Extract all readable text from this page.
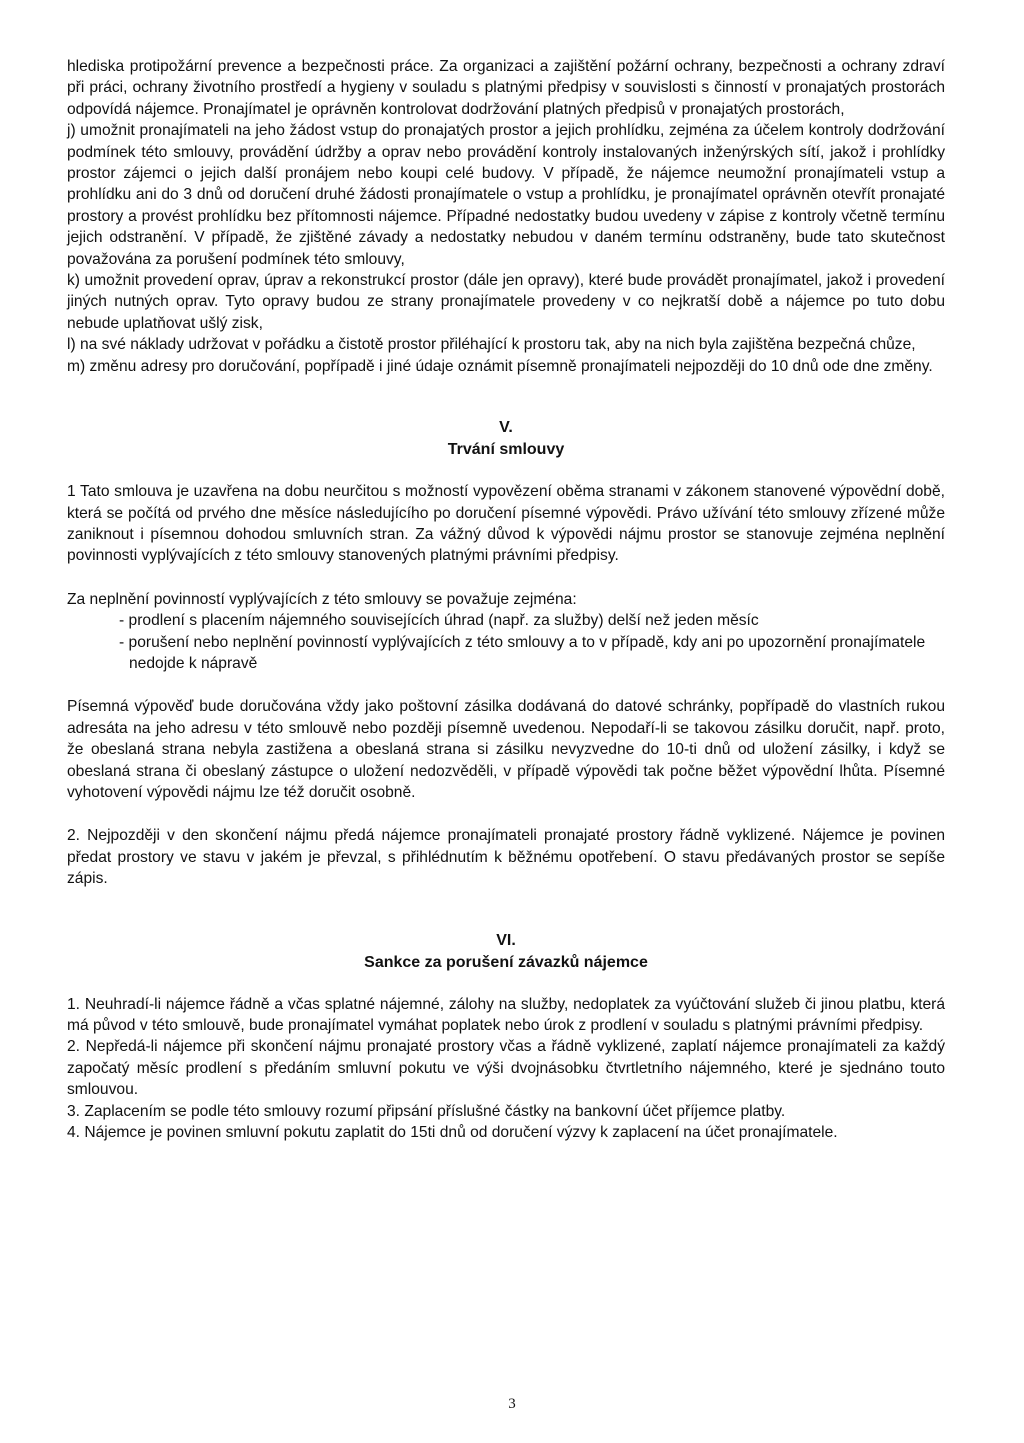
hlediska protipožární prevence a bezpečnosti práce. Za organizaci a zajištění požární ochrany, bezpečnosti a ochrany zdraví při práci, ochrany životního prostředí a hygieny v souladu s platnými předpisy v souvislosti s činností v pronajatých prostorách odpovídá nájemce. Pronajímatel je oprávněn kontrolovat dodržování platných předpisů v pronajatých prostorách,

j) umožnit pronajímateli na jeho žádost vstup do pronajatých prostor a jejich prohlídku, zejména za účelem kontroly dodržování podmínek této smlouvy, provádění údržby a oprav nebo provádění kontroly instalovaných inženýrských sítí, jakož i prohlídky prostor zájemci o jejich další pronájem nebo koupi celé budovy. V případě, že nájemce neumožní pronajímateli vstup a prohlídku ani do 3 dnů od doručení druhé žádosti pronajímatele o vstup a prohlídku, je pronajímatel oprávněn otevřít pronajaté prostory a provést prohlídku bez přítomnosti nájemce. Případné nedostatky budou uvedeny v zápise z kontroly včetně termínu jejich odstranění. V případě, že zjištěné závady a nedostatky nebudou v daném termínu odstraněny, bude tato skutečnost považována za porušení podmínek této smlouvy,

k) umožnit provedení oprav, úprav a rekonstrukcí prostor (dále jen opravy), které bude provádět pronajímatel, jakož i provedení jiných nutných oprav. Tyto opravy budou ze strany pronajímatele provedeny v co nejkratší době a nájemce po tuto dobu nebude uplatňovat ušlý zisk,

l) na své náklady udržovat v pořádku a čistotě prostor přiléhající k prostoru tak, aby na nich byla zajištěna bezpečná chůze,

m) změnu adresy pro doručování, popřípadě i jiné údaje oznámit písemně pronajímateli nejpozději do 10 dnů ode dne změny.

V.
Trvání smlouvy

1 Tato smlouva je uzavřena na dobu neurčitou s možností vypovězení oběma stranami v zákonem stanovené výpovědní době, která se počítá od prvého dne měsíce následujícího po doručení písemné výpovědi. Právo užívání této smlouvy zřízené může zaniknout i písemnou dohodou smluvních stran. Za vážný důvod k výpovědi nájmu prostor se stanovuje zejména neplnění povinnosti vyplývajících z této smlouvy stanovených platnými právními předpisy.

Za neplnění povinností vyplývajících z této smlouvy se považuje zejména:

- prodlení s placením nájemného souvisejících úhrad (např. za služby) delší než jeden měsíc
- porušení nebo neplnění povinností vyplývajících z této smlouvy a to v případě, kdy ani po upozornění pronajímatele nedojde k nápravě

Písemná výpověď bude doručována vždy jako poštovní zásilka dodávaná do datové schránky, popřípadě do vlastních rukou adresáta na jeho adresu v této smlouvě nebo později písemně uvedenou. Nepodaří-li se takovou zásilku doručit, např. proto, že obeslaná strana nebyla zastižena a obeslaná strana si zásilku nevyzvedne do 10-ti dnů od uložení zásilky, i když se obeslaná strana či obeslaný zástupce o uložení nedozvěděli, v případě výpovědi tak počne běžet výpovědní lhůta. Písemné vyhotovení výpovědi nájmu lze též doručit osobně.

2. Nejpozději v den skončení nájmu předá nájemce pronajímateli pronajaté prostory řádně vyklizené. Nájemce je povinen předat prostory ve stavu v jakém je převzal, s přihlédnutím k běžnému opotřebení. O stavu předávaných prostor se sepíše zápis.

VI.
Sankce za porušení závazků nájemce

1. Neuhradí-li nájemce řádně a včas splatné nájemné, zálohy na služby, nedoplatek za vyúčtování služeb či jinou platbu, která má původ v této smlouvě, bude pronajímatel vymáhat poplatek nebo úrok z prodlení v souladu s platnými právními předpisy.

2. Nepředá-li nájemce při skončení nájmu pronajaté prostory včas a řádně vyklizené, zaplatí nájemce pronajímateli za každý započatý měsíc prodlení s předáním smluvní pokutu ve výši dvojnásobku čtvrtletního nájemného, které je sjednáno touto smlouvou.

3. Zaplacením se podle této smlouvy rozumí připsání příslušné částky na bankovní účet příjemce platby.

4. Nájemce je povinen smluvní pokutu zaplatit do 15ti dnů od doručení výzvy k zaplacení na účet pronajímatele.

3
